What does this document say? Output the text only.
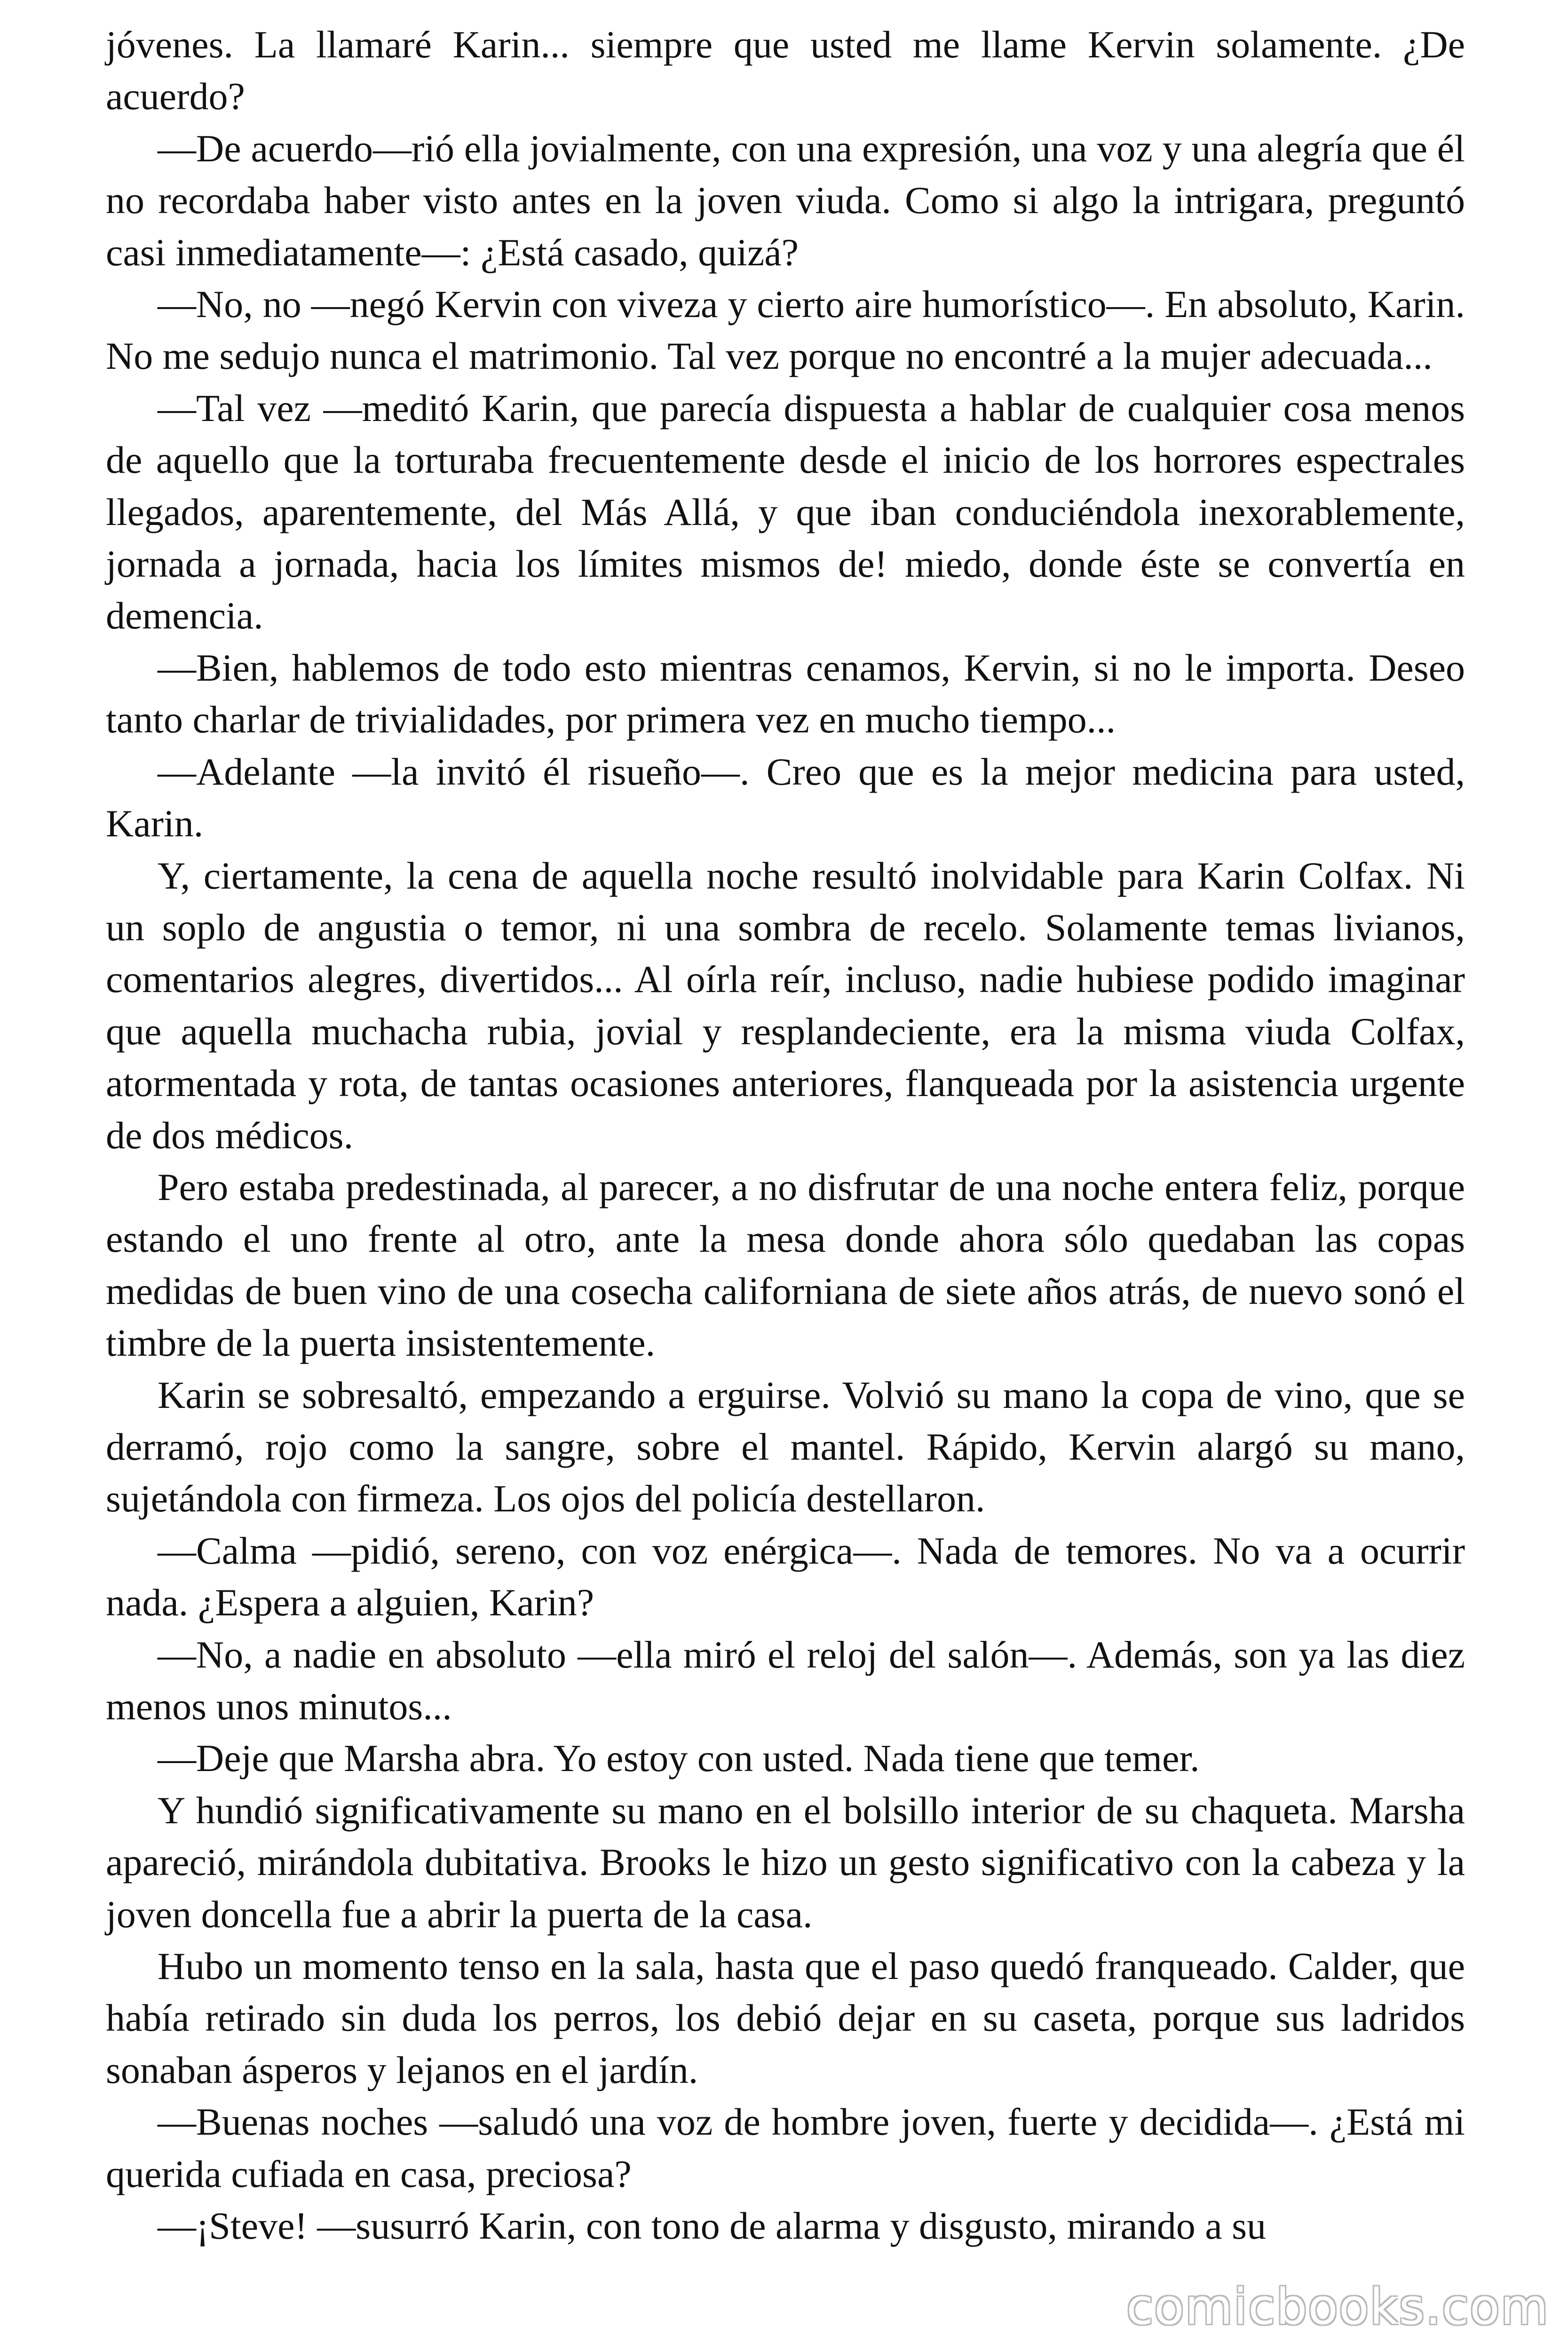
jóvenes. La llamaré Karin... siempre que usted me llame Kervin solamente. ¿De acuerdo?

—De acuerdo—rió ella jovialmente, con una expresión, una voz y una alegría que él no recordaba haber visto antes en la joven viuda. Como si algo la intrigara, preguntó casi inmediatamente—: ¿Está casado, quizá?

—No, no —negó Kervin con viveza y cierto aire humorístico—. En absoluto, Karin. No me sedujo nunca el matrimonio. Tal vez porque no encontré a la mujer adecuada...

—Tal vez —meditó Karin, que parecía dispuesta a hablar de cualquier cosa menos de aquello que la torturaba frecuentemente desde el inicio de los horrores espectrales llegados, aparentemente, del Más Allá, y que iban conduciéndola inexorablemente, jornada a jornada, hacia los límites mismos de! miedo, donde éste se convertía en demencia.

—Bien, hablemos de todo esto mientras cenamos, Kervin, si no le importa. Deseo tanto charlar de trivialidades, por primera vez en mucho tiempo...

—Adelante —la invitó él risueño—. Creo que es la mejor medicina para usted, Karin.

Y, ciertamente, la cena de aquella noche resultó inolvidable para Karin Colfax. Ni un soplo de angustia o temor, ni una sombra de recelo. Solamente temas livianos, comentarios alegres, divertidos... Al oírla reír, incluso, nadie hubiese podido imaginar que aquella muchacha rubia, jovial y resplandeciente, era la misma viuda Colfax, atormentada y rota, de tantas ocasiones anteriores, flanqueada por la asistencia urgente de dos médicos.

Pero estaba predestinada, al parecer, a no disfrutar de una noche entera feliz, porque estando el uno frente al otro, ante la mesa donde ahora sólo quedaban las copas medidas de buen vino de una cosecha californiana de siete años atrás, de nuevo sonó el timbre de la puerta insistentemente.

Karin se sobresaltó, empezando a erguirse. Volvió su mano la copa de vino, que se derramó, rojo como la sangre, sobre el mantel. Rápido, Kervin alargó su mano, sujetándola con firmeza. Los ojos del policía destellaron.

—Calma —pidió, sereno, con voz enérgica—. Nada de temores. No va a ocurrir nada. ¿Espera a alguien, Karin?

—No, a nadie en absoluto —ella miró el reloj del salón—. Además, son ya las diez menos unos minutos...

—Deje que Marsha abra. Yo estoy con usted. Nada tiene que temer.

Y hundió significativamente su mano en el bolsillo interior de su chaqueta. Marsha apareció, mirándola dubitativa. Brooks le hizo un gesto significativo con la cabeza y la joven doncella fue a abrir la puerta de la casa.

Hubo un momento tenso en la sala, hasta que el paso quedó franqueado. Calder, que había retirado sin duda los perros, los debió dejar en su caseta, porque sus ladridos sonaban ásperos y lejanos en el jardín.

—Buenas noches —saludó una voz de hombre joven, fuerte y decidida—. ¿Está mi querida cufiada en casa, preciosa?

—¡Steve! —susurró Karin, con tono de alarma y disgusto, mirando a su

comicbooks.com
